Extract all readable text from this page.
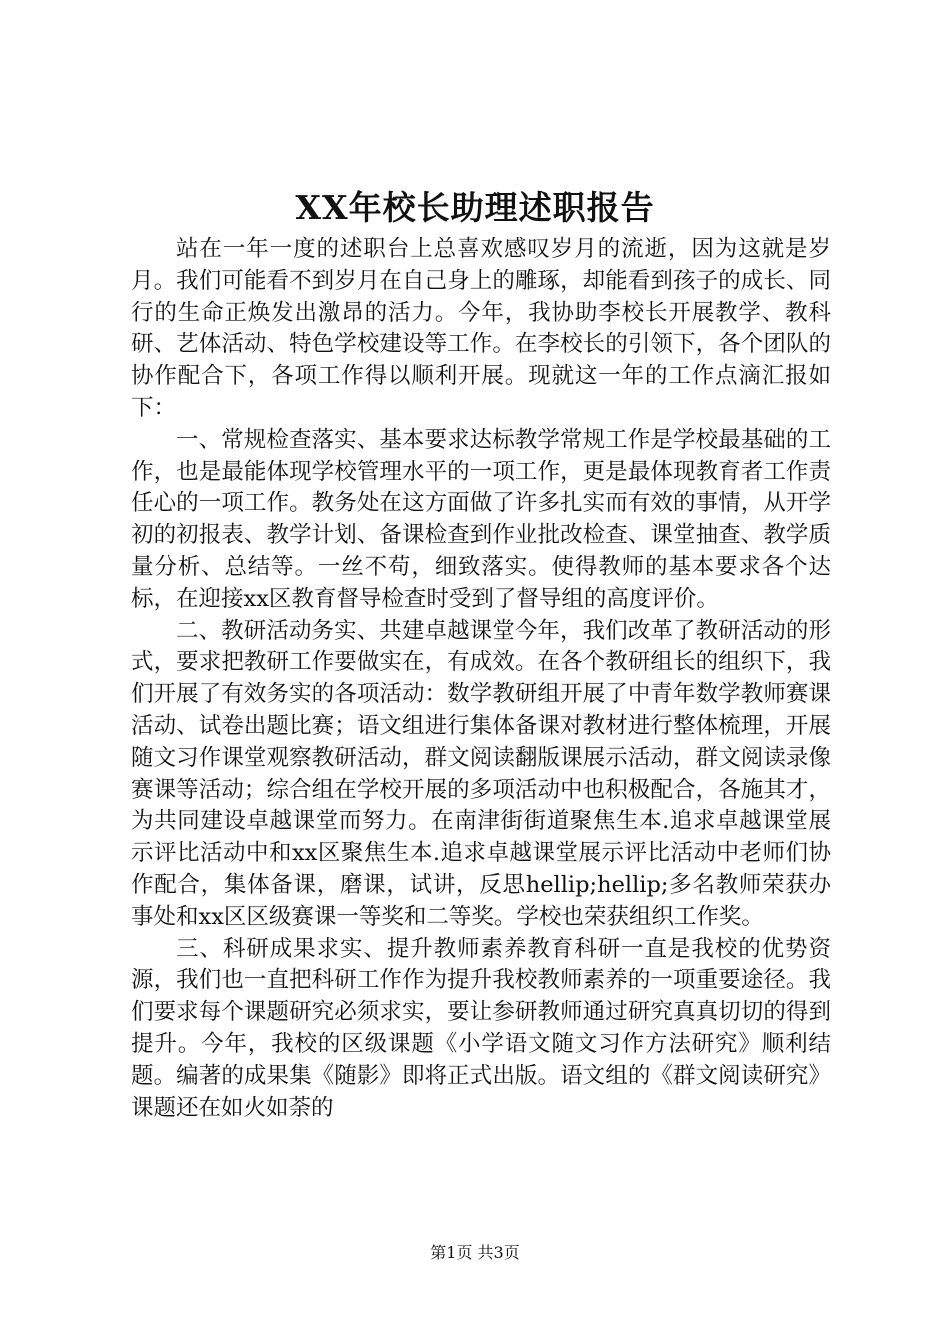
XX年校长助理述职报告

站在一年一度的述职台上总喜欢感叹岁月的流逝，因为这就是岁月。我们可能看不到岁月在自己身上的雕琢，却能看到孩子的成长、同行的生命正焕发出激昂的活力。今年，我协助李校长开展教学、教科研、艺体活动、特色学校建设等工作。在李校长的引领下，各个团队的协作配合下，各项工作得以顺利开展。现就这一年的工作点滴汇报如下：

一、常规检查落实、基本要求达标教学常规工作是学校最基础的工作，也是最能体现学校管理水平的一项工作，更是最体现教育者工作责任心的一项工作。教务处在这方面做了许多扎实而有效的事情，从开学初的初报表、教学计划、备课检查到作业批改检查、课堂抽查、教学质量分析、总结等。一丝不苟，细致落实。使得教师的基本要求各个达标，在迎接xx区教育督导检查时受到了督导组的高度评价。

二、教研活动务实、共建卓越课堂今年，我们改革了教研活动的形式，要求把教研工作要做实在，有成效。在各个教研组长的组织下，我们开展了有效务实的各项活动：数学教研组开展了中青年数学教师赛课活动、试卷出题比赛；语文组进行集体备课对教材进行整体梳理，开展随文习作课堂观察教研活动，群文阅读翻版课展示活动，群文阅读录像赛课等活动；综合组在学校开展的多项活动中也积极配合，各施其才，为共同建设卓越课堂而努力。在南津街街道聚焦生本.追求卓越课堂展示评比活动中和xx区聚焦生本.追求卓越课堂展示评比活动中老师们协作配合，集体备课，磨课，试讲，反思hellip;hellip;多名教师荣获办事处和xx区区级赛课一等奖和二等奖。学校也荣获组织工作奖。

三、科研成果求实、提升教师素养教育科研一直是我校的优势资源，我们也一直把科研工作作为提升我校教师素养的一项重要途径。我们要求每个课题研究必须求实，要让参研教师通过研究真真切切的得到提升。今年，我校的区级课题《小学语文随文习作方法研究》顺利结题。编著的成果集《随影》即将正式出版。语文组的《群文阅读研究》课题还在如火如荼的

第1页 共3页
